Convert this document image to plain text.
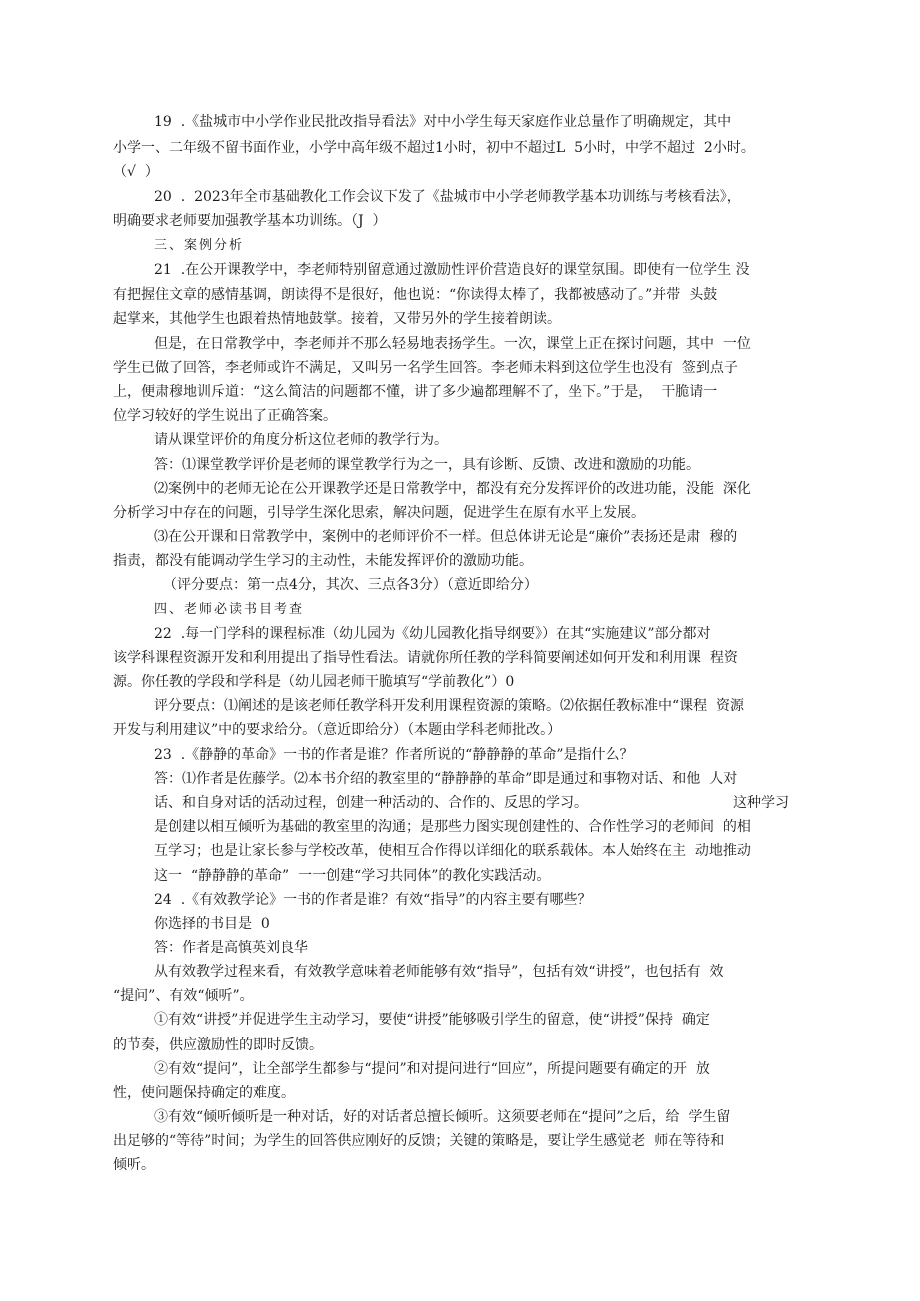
19  .《盐城市中小学作业民批改指导看法》对中小学生每天家庭作业总量作了明确规定，其中
小学一、二年级不留书面作业，小学中高年级不超过1小时，初中不超过L  5小时，中学不超过  2小时。
（√  ）
20  .  2023年全市基础教化工作会议下发了《盐城市中小学老师教学基本功训练与考核看法》，
明确要求老师要加强教学基本功训练。（J  ）
三、案例分析
21  .在公开课教学中，李老师特别留意通过激励性评价营造良好的课堂氛围。即使有一位学生 没
有把握住文章的感情基调，朗读得不是很好，他也说：“你读得太棒了，我都被感动了。”并带  头鼓
起掌来，其他学生也跟着热情地鼓掌。接着，又带另外的学生接着朗读。
但是，在日常教学中，李老师并不那么轻易地表扬学生。一次，课堂上正在探讨问题，其中  一位
学生已做了回答，李老师或许不满足，又叫另一名学生回答。李老师未料到这位学生也没有  签到点子
上，便肃穆地训斥道：“这么简洁的问题都不懂，讲了多少遍都理解不了，坐下。”于是，  干脆请一
位学习较好的学生说出了正确答案。
请从课堂评价的角度分析这位老师的教学行为。
答：⑴课堂教学评价是老师的课堂教学行为之一，具有诊断、反馈、改进和激励的功能。
⑵案例中的老师无论在公开课教学还是日常教学中，都没有充分发挥评价的改进功能，没能  深化
分析学习中存在的问题，引导学生深化思索，解决问题，促进学生在原有水平上发展。
⑶在公开课和日常教学中，案例中的老师评价不一样。但总体讲无论是“廉价”表扬还是肃  穆的
指责，都没有能调动学生学习的主动性，未能发挥评价的激励功能。
（评分要点：第一点4分，其次、三点各3分）（意近即给分）
四、老师必读书目考查
22  .每一门学科的课程标准（幼儿园为《幼儿园教化指导纲要》）在其“实施建议”部分都对
该学科课程资源开发和利用提出了指导性看法。请就你所任教的学科简要阐述如何开发和利用课  程资
源。你任教的学段和学科是（幼儿园老师干脆填写“学前教化”）0
评分要点：⑴阐述的是该老师任教学科开发利用课程资源的策略。⑵依据任教标准中“课程  资源
开发与利用建议”中的要求给分。（意近即给分）（本题由学科老师批改。）
23  .《静静的革命》一书的作者是谁？作者所说的“静静静的革命”是指什么？
答：⑴作者是佐藤学。⑵本书介绍的教室里的“静静静的革命”即是通过和事物对话、和他  人对
话、和自身对话的活动过程，创建一种活动的、合作的、反思的学习。	这种学习
是创建以相互倾听为基础的教室里的沟通；是那些力图实现创建性的、合作性学习的老师间  的相
互学习；也是让家长参与学校改革，使相互合作得以详细化的联系载体。本人始终在主  动地推动
这一  “静静静的革命”  一一创建“学习共同体”的教化实践活动。
24  .《有效教学论》一书的作者是谁？有效“指导”的内容主要有哪些？
你选择的书目是  0
答：作者是高慎英刘良华
从有效教学过程来看，有效教学意味着老师能够有效“指导”，包括有效“讲授”，也包括有  效
“提问”、有效“倾听”。
①有效“讲授”并促进学生主动学习，要使“讲授”能够吸引学生的留意，使“讲授”保持  确定
的节奏，供应激励性的即时反馈。
②有效“提问”，让全部学生都参与“提问”和对提问进行“回应”，所提问题要有确定的开  放
性，使问题保持确定的难度。
③有效“倾听倾听是一种对话，好的对话者总擅长倾听。这须要老师在“提问”之后，给  学生留
出足够的“等待”时间；为学生的回答供应刚好的反馈；关键的策略是，要让学生感觉老  师在等待和
倾听。
